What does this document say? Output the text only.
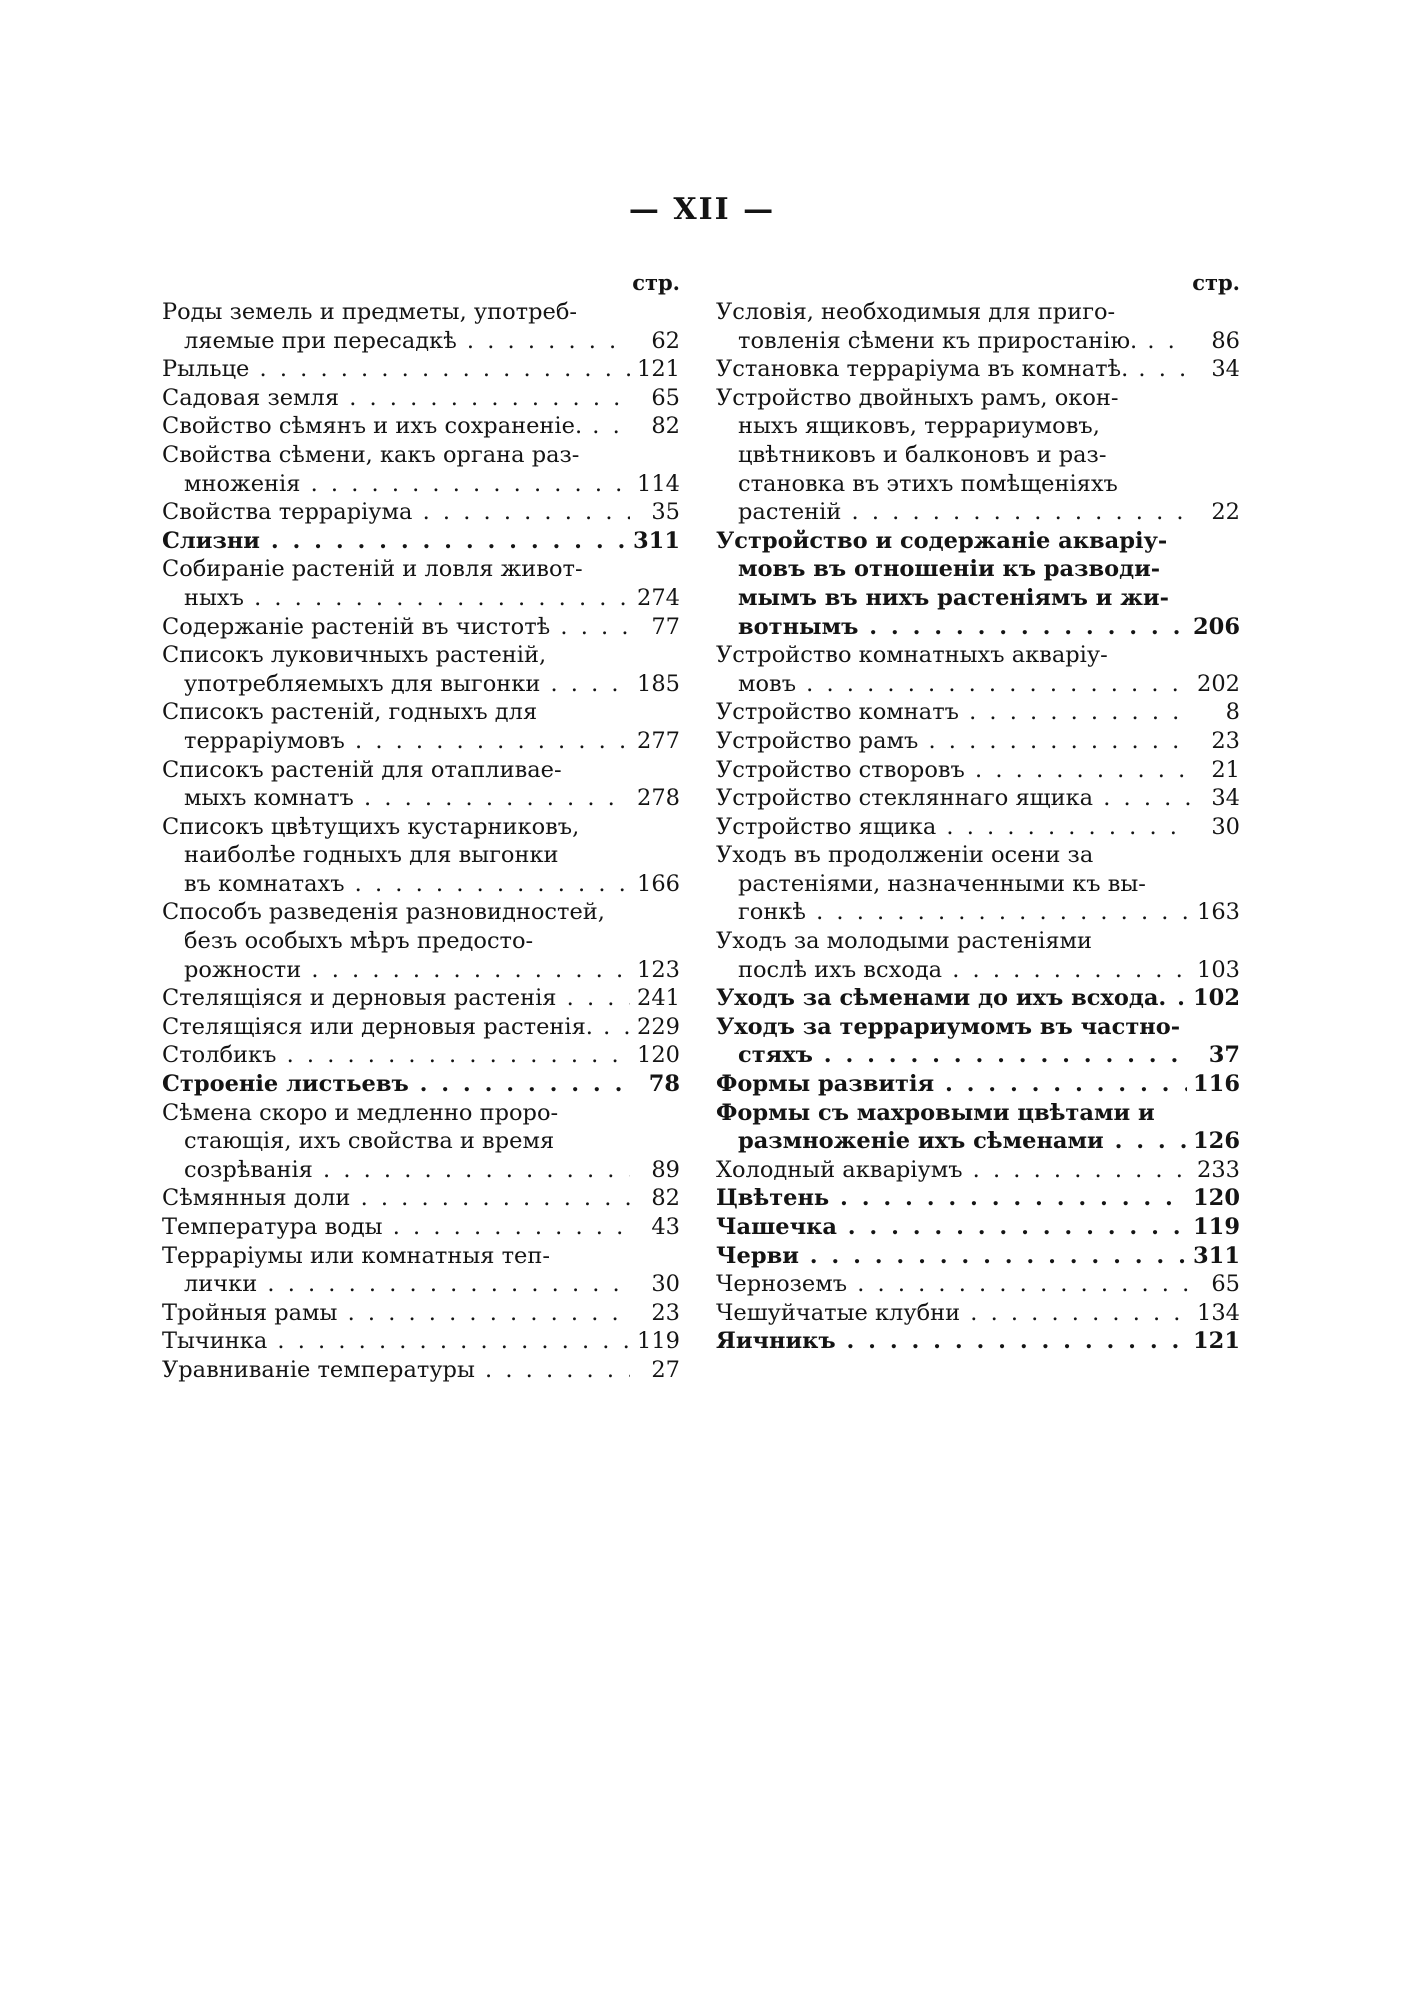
— XII —
стр.
Роды земель и предметы, употреб-
ляемые при пересадкѣ . . .	62
Рыльце . . .	121
Садовая земля . . .	65
Свойство сѣмянъ и ихъ сохраненіе. . . .	82
Свойства сѣмени, какъ органа раз-
множенія . . .	114
Свойства терраріума . . .	35
Слизни . . .	311
Собираніе растеній и ловля живот-
ныхъ . . .	274
Содержаніе растеній въ чистотѣ . . .	77
Списокъ луковичныхъ растеній,
употребляемыхъ для выгонки . . .	185
Списокъ растеній, годныхъ для
терраріумовъ . . .	277
Списокъ растеній для отапливае-
мыхъ комнатъ . . .	278
Списокъ цвѣтущихъ кустарниковъ,
наиболѣе годныхъ для выгонки
въ комнатахъ . . .	166
Способъ разведенія разновидностей,
безъ особыхъ мѣръ предосто-
рожности . . .	123
Стелящіяся и дерновыя растенія . . .	241
Стелящіяся или дерновыя растенія. . . .	229
Столбикъ . . .	120
Строеніе листьевъ . . .	78
Сѣмена скоро и медленно проро-
стающія, ихъ свойства и время
созрѣванія . . .	89
Сѣмянныя доли . . .	82
Температура воды . . .	43
Терраріумы или комнатныя теп-
лички . . .	30
Тройныя рамы . . .	23
Тычинка . . .	119
Уравниваніе температуры . . .	27
стр.
Условія, необходимыя для приго-
товленія сѣмени къ приростанію. . . .	86
Установка терраріума въ комнатѣ. . . .	34
Устройство двойныхъ рамъ, окон-
ныхъ ящиковъ, террариумовъ,
цвѣтниковъ и балконовъ и раз-
становка въ этихъ помѣщеніяхъ
растеній . . .	22
Устройство и содержаніе акваріу-
мовъ въ отношеніи къ разводи-
мымъ въ нихъ растеніямъ и жи-
вотнымъ . . .	206
Устройство комнатныхъ акваріу-
мовъ . . .	202
Устройство комнатъ . . .	8
Устройство рамъ . . .	23
Устройство створовъ . . .	21
Устройство стекляннаго ящика . . .	34
Устройство ящика . . .	30
Уходъ въ продолженіи осени за
растеніями, назначенными къ вы-
гонкѣ . . .	163
Уходъ за молодыми растеніями
послѣ ихъ всхода . . .	103
Уходъ за сѣменами до ихъ всхода. . . .	102
Уходъ за террариумомъ въ частно-
стяхъ . . .	37
Формы развитія . . .	116
Формы съ махровыми цвѣтами и
размноженіе ихъ сѣменами . . .	126
Холодный акваріумъ . . .	233
Цвѣтень . . .	120
Чашечка . . .	119
Черви . . .	311
Черноземъ . . .	65
Чешуйчатые клубни . . .	134
Яичникъ . . .	121
